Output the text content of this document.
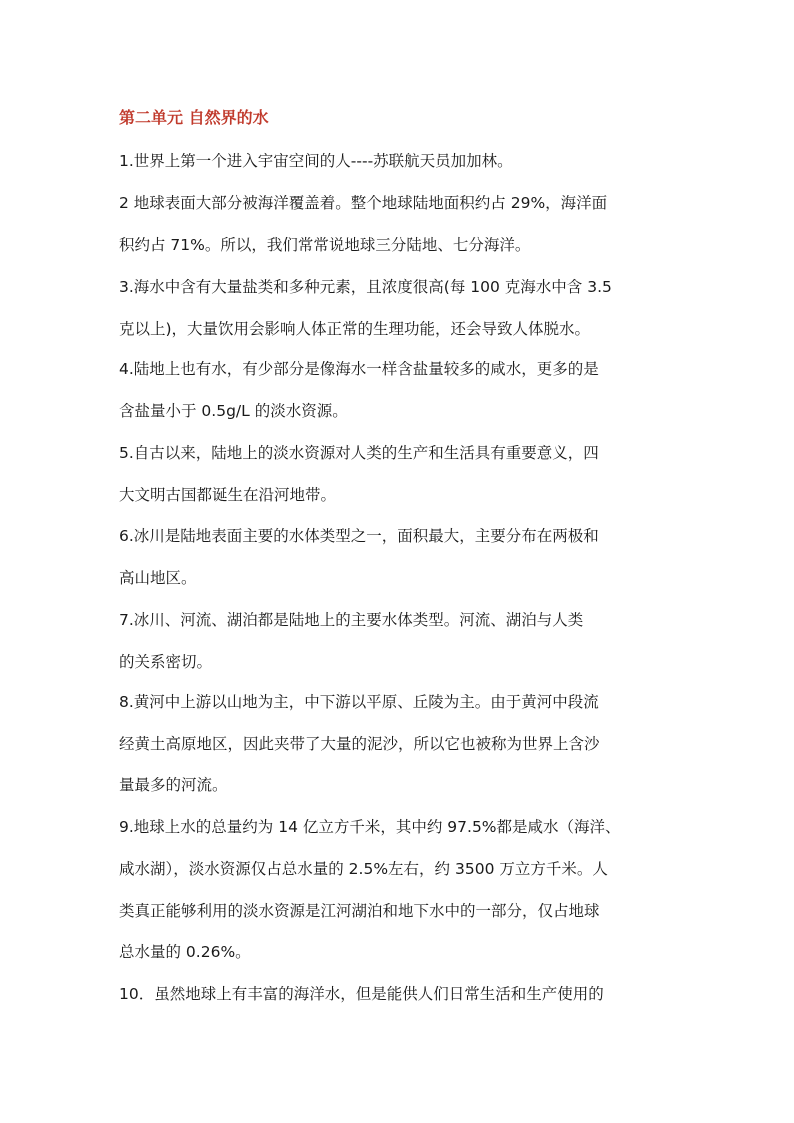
第二单元 自然界的水
1.世界上第一个进入宇宙空间的人----苏联航天员加加林。
2 地球表面大部分被海洋覆盖着。整个地球陆地面积约占 29%，海洋面
积约占 71%。所以，我们常常说地球三分陆地、七分海洋。
3.海水中含有大量盐类和多种元素，且浓度很高(每 100 克海水中含 3.5
克以上)，大量饮用会影响人体正常的生理功能，还会导致人体脱水。
4.陆地上也有水，有少部分是像海水一样含盐量较多的咸水，更多的是
含盐量小于 0.5g/L 的淡水资源。
5.自古以来，陆地上的淡水资源对人类的生产和生活具有重要意义，四
大文明古国都诞生在沿河地带。
6.冰川是陆地表面主要的水体类型之一，面积最大，主要分布在两极和
高山地区。
7.冰川、河流、湖泊都是陆地上的主要水体类型。河流、湖泊与人类
的关系密切。
8.黄河中上游以山地为主，中下游以平原、丘陵为主。由于黄河中段流
经黄土高原地区，因此夹带了大量的泥沙，所以它也被称为世界上含沙
量最多的河流。
9.地球上水的总量约为 14 亿立方千米，其中约 97.5%都是咸水（海洋、
咸水湖），淡水资源仅占总水量的 2.5%左右，约 3500 万立方千米。人
类真正能够利用的淡水资源是江河湖泊和地下水中的一部分，仅占地球
总水量的 0.26%。
10．虽然地球上有丰富的海洋水，但是能供人们日常生活和生产使用的
